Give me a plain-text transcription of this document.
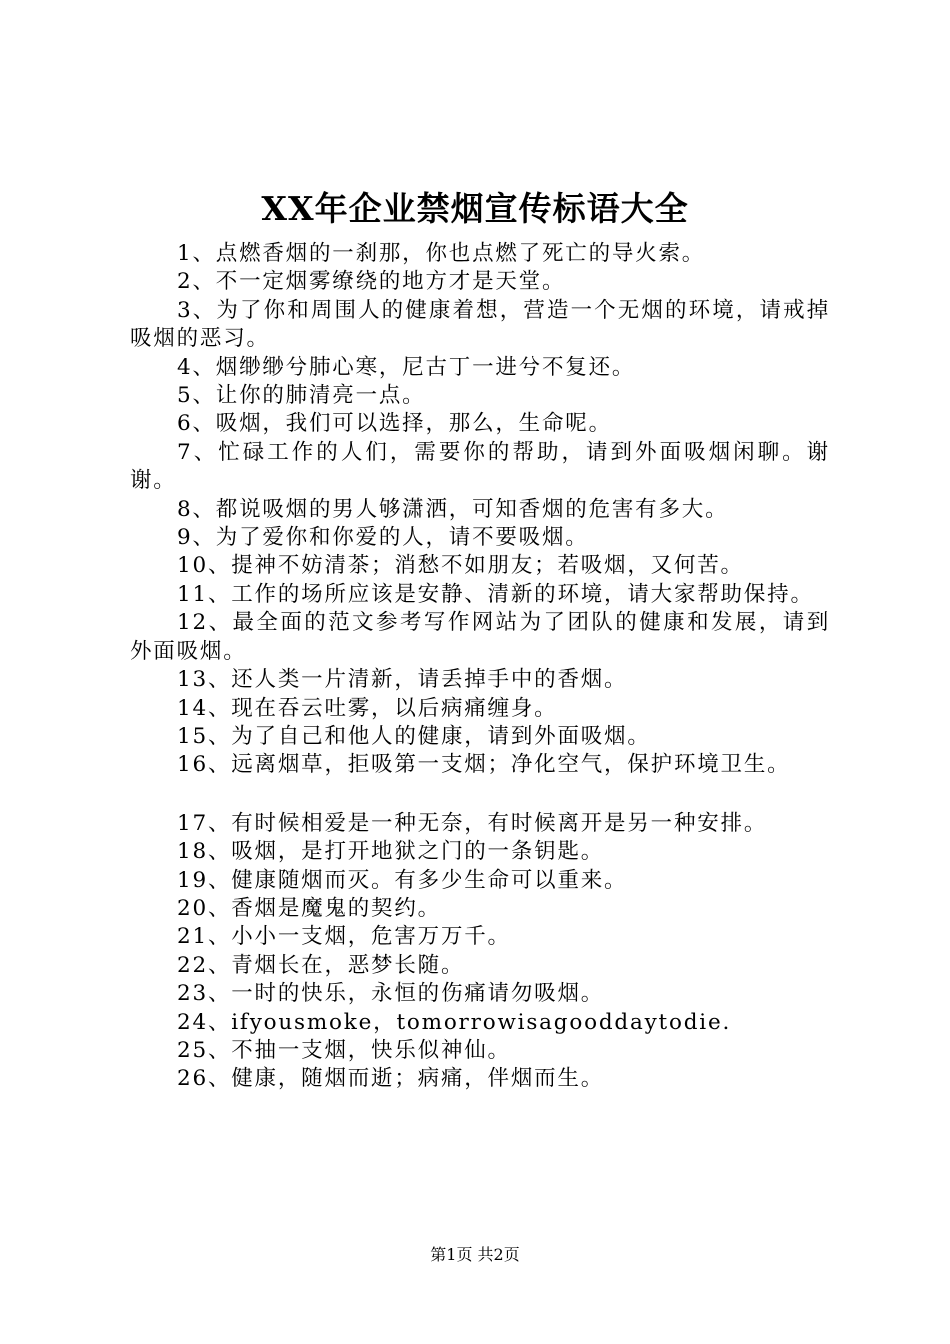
XX年企业禁烟宣传标语大全

1、点燃香烟的一刹那，你也点燃了死亡的导火索。

2、不一定烟雾缭绕的地方才是天堂。

3、为了你和周围人的健康着想，营造一个无烟的环境，请戒掉吸烟的恶习。

4、烟缈缈兮肺心寒，尼古丁一进兮不复还。

5、让你的肺清亮一点。

6、吸烟，我们可以选择，那么，生命呢。

7、忙碌工作的人们，需要你的帮助，请到外面吸烟闲聊。谢谢。

8、都说吸烟的男人够潇洒，可知香烟的危害有多大。

9、为了爱你和你爱的人，请不要吸烟。

10、提神不妨清茶；消愁不如朋友；若吸烟，又何苦。

11、工作的场所应该是安静、清新的环境，请大家帮助保持。

12、最全面的范文参考写作网站为了团队的健康和发展，请到外面吸烟。

13、还人类一片清新，请丢掉手中的香烟。

14、现在吞云吐雾，以后病痛缠身。

15、为了自己和他人的健康，请到外面吸烟。

16、远离烟草，拒吸第一支烟；净化空气，保护环境卫生。

17、有时候相爱是一种无奈，有时候离开是另一种安排。

18、吸烟，是打开地狱之门的一条钥匙。

19、健康随烟而灭。有多少生命可以重来。

20、香烟是魔鬼的契约。

21、小小一支烟，危害万万千。

22、青烟长在，恶梦长随。

23、一时的快乐，永恒的伤痛请勿吸烟。

24、ifyousmoke，tomorrowisagooddaytodie.

25、不抽一支烟，快乐似神仙。

26、健康，随烟而逝；病痛，伴烟而生。

第1页 共2页
